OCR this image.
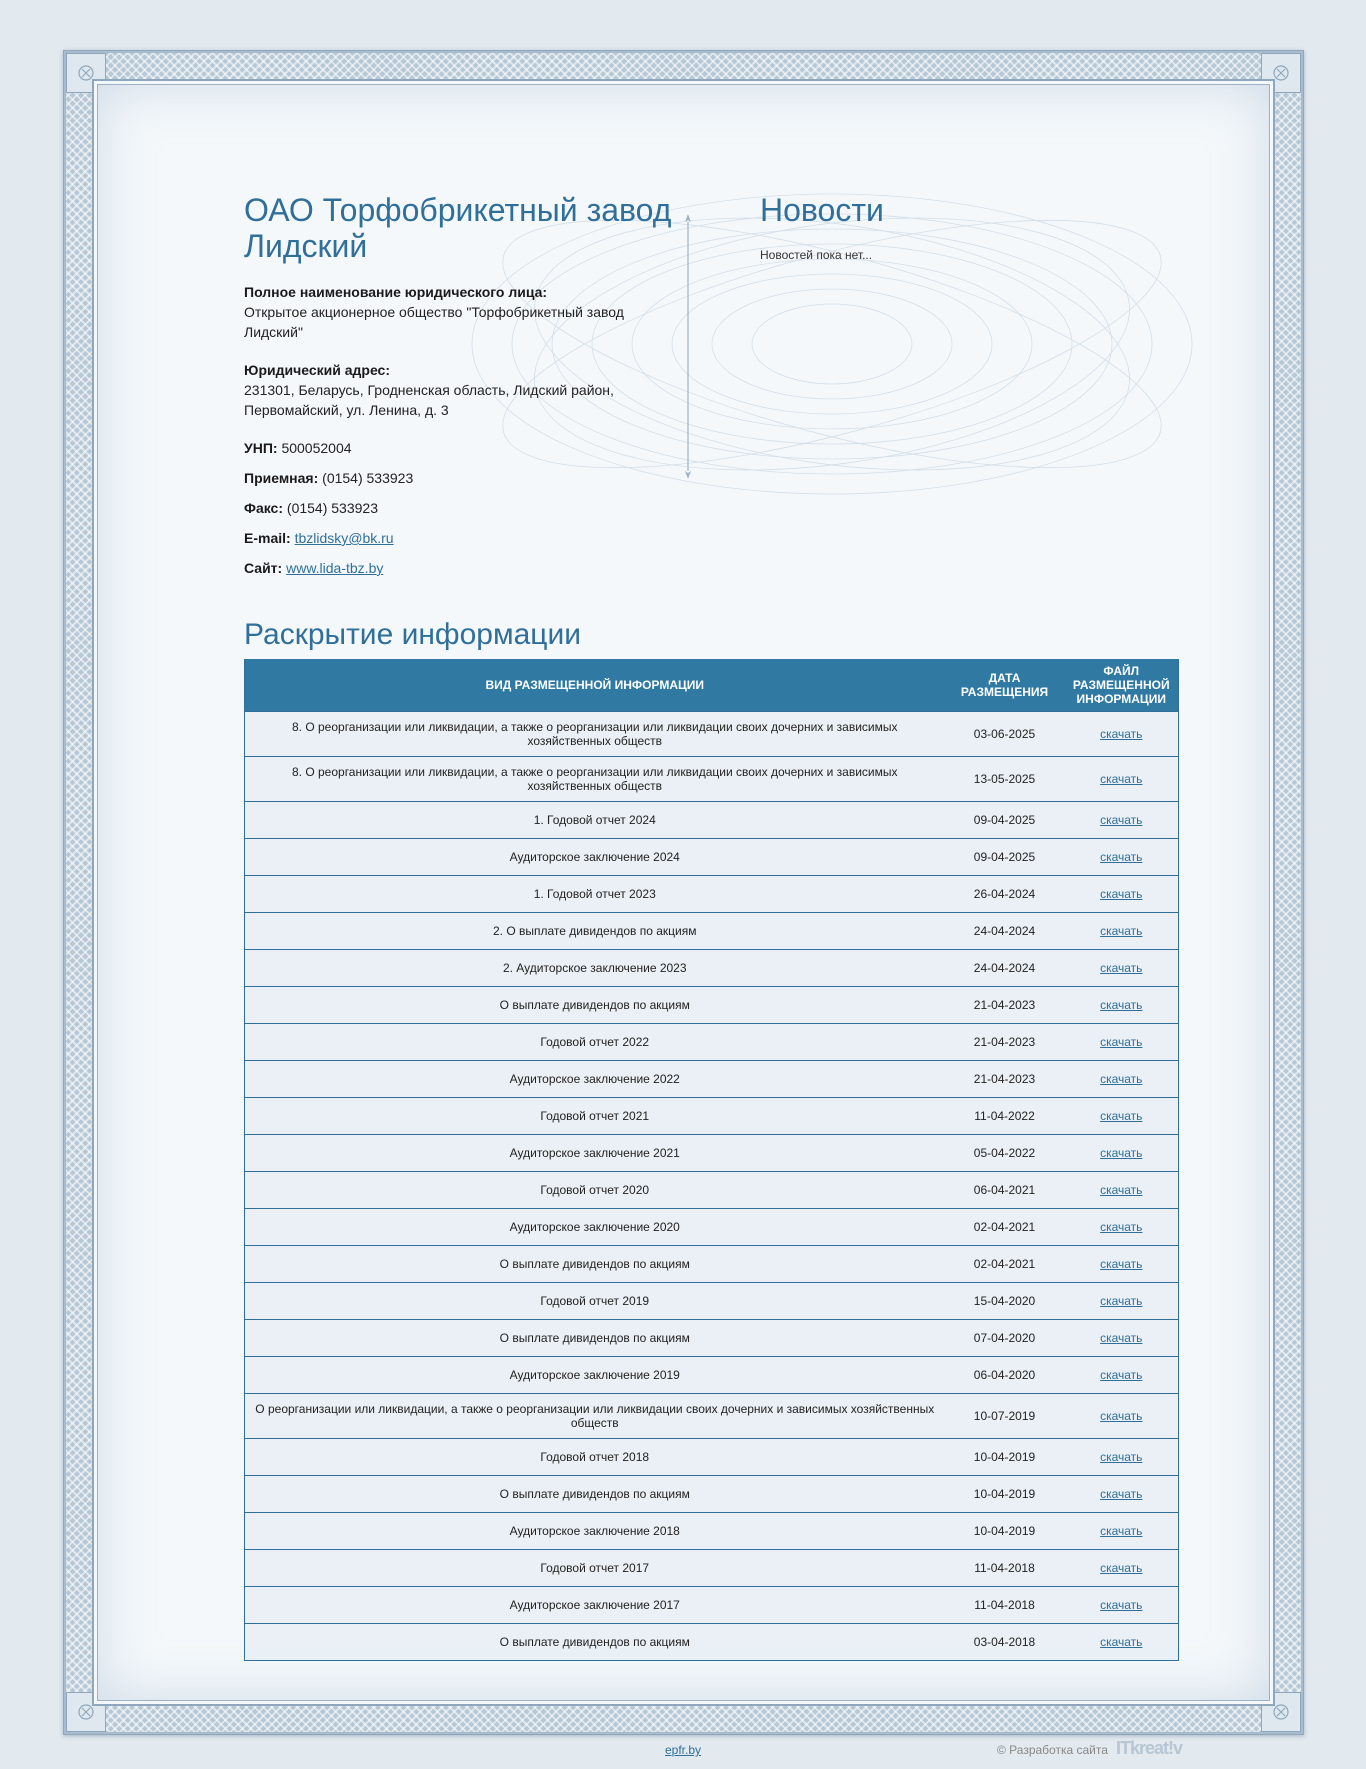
ОАО Торфобрикетный завод Лидский
Полное наименование юридического лица:
Открытое акционерное общество "Торфобрикетный завод Лидский"
Юридический адрес:
231301, Беларусь, Гродненская область, Лидский район, Первомайский, ул. Ленина, д. 3
УНП: 500052004
Приемная: (0154) 533923
Факс: (0154) 533923
E-mail: tbzlidsky@bk.ru
Сайт: www.lida-tbz.by
Новости
Новостей пока нет...
Раскрытие информации
ВИД РАЗМЕЩЕННОЙ ИНФОРМАЦИИ	ДАТА РАЗМЕЩЕНИЯ	ФАЙЛ РАЗМЕЩЕННОЙ ИНФОРМАЦИИ
8. О реорганизации или ликвидации, а также о реорганизации или ликвидации своих дочерних и зависимых хозяйственных обществ	03-06-2025	скачать
8. О реорганизации или ликвидации, а также о реорганизации или ликвидации своих дочерних и зависимых хозяйственных обществ	13-05-2025	скачать
1. Годовой отчет 2024	09-04-2025	скачать
Аудиторское заключение 2024	09-04-2025	скачать
1. Годовой отчет 2023	26-04-2024	скачать
2. О выплате дивидендов по акциям	24-04-2024	скачать
2. Аудиторское заключение 2023	24-04-2024	скачать
О выплате дивидендов по акциям	21-04-2023	скачать
Годовой отчет 2022	21-04-2023	скачать
Аудиторское заключение 2022	21-04-2023	скачать
Годовой отчет 2021	11-04-2022	скачать
Аудиторское заключение 2021	05-04-2022	скачать
Годовой отчет 2020	06-04-2021	скачать
Аудиторское заключение 2020	02-04-2021	скачать
О выплате дивидендов по акциям	02-04-2021	скачать
Годовой отчет 2019	15-04-2020	скачать
О выплате дивидендов по акциям	07-04-2020	скачать
Аудиторское заключение 2019	06-04-2020	скачать
О реорганизации или ликвидации, а также о реорганизации или ликвидации своих дочерних и зависимых хозяйственных обществ	10-07-2019	скачать
Годовой отчет 2018	10-04-2019	скачать
О выплате дивидендов по акциям	10-04-2019	скачать
Аудиторское заключение 2018	10-04-2019	скачать
Годовой отчет 2017	11-04-2018	скачать
Аудиторское заключение 2017	11-04-2018	скачать
О выплате дивидендов по акциям	03-04-2018	скачать
epfr.by	© Разработка сайта ITkreat!v
